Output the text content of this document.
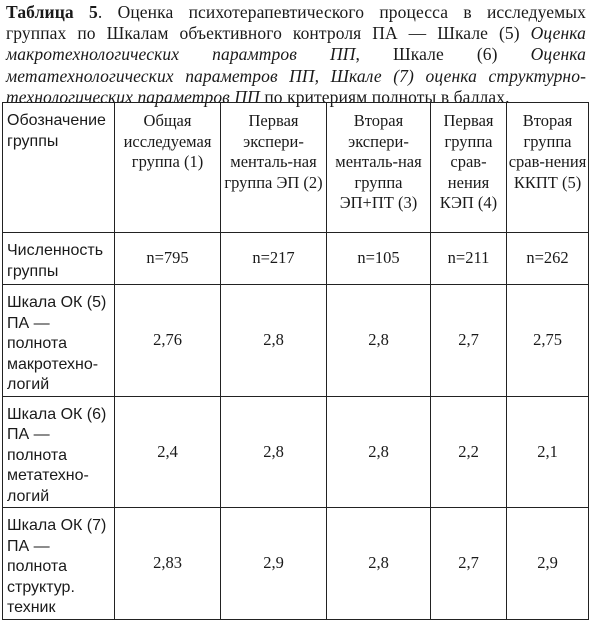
Таблица 5. Оценка психотерапевтического процесса в исследуемых группах по Шкалам объективного контроля ПА — Шкале (5) Оценка макротехнологических парамтров ПП, Шкале (6) Оценка метатехнологических параметров ПП, Шкале (7) оценка структурно-технологических параметров ПП по критериям полноты в баллах.
Обозначение группы	Общая исследуемая группа (1)	Первая экспери-менталь-ная группа ЭП (2)	Вторая экспери-менталь-ная группа ЭП+ПТ (3)	Первая группа срав-нения КЭП (4)	Вторая группа срав-нения ККПТ (5)
Численность группы	n=795	n=217	n=105	n=211	n=262
Шкала ОК (5) ПА — полнота макротехно-логий	2,76	2,8	2,8	2,7	2,75
Шкала ОК (6) ПА — полнота метатехно-логий	2,4	2,8	2,8	2,2	2,1
Шкала ОК (7) ПА — полнота структур. техник	2,83	2,9	2,8	2,7	2,9
